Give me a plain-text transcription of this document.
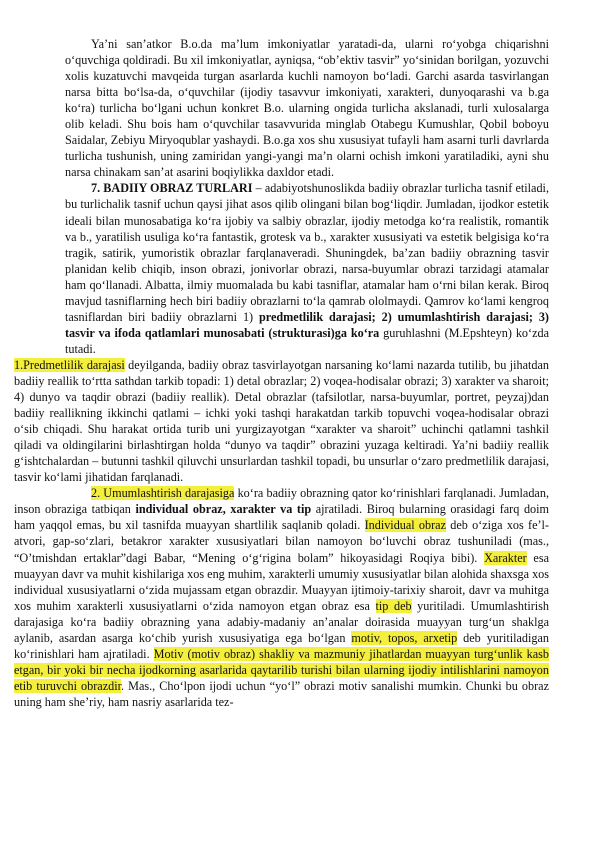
Ya’ni san’atkor B.o.da ma’lum imkoniyatlar yaratadi-da, ularni ro‘yobga chiqarishni o‘quvchiga qoldiradi. Bu xil imkoniyatlar, ayniqsa, “ob’ektiv tasvir” yo‘sinidan borilgan, yozuvchi xolis kuzatuvchi mavqeida turgan asarlarda kuchli namoyon bo‘ladi. Garchi asarda tasvirlangan narsa bitta bo‘lsa-da, o‘quvchilar (ijodiy tasavvur imkoniyati, xarakteri, dunyoqarashi va b.ga ko‘ra) turlicha bo‘lgani uchun konkret B.o. ularning ongida turlicha akslanadi, turli xulosalarga olib keladi. Shu bois ham o‘quvchilar tasavvurida minglab Otabegu Kumushlar, Qobil boboyu Saidalar, Zebiyu Miryoqublar yashaydi. B.o.ga xos shu xususiyat tufayli ham asarni turli davrlarda turlicha tushunish, uning zamiridan yangi-yangi ma’n olarni ochish imkoni yaratiladiki, ayni shu narsa chinakam san’at asarini boqiylikka daxldor etadi.

7. BADIIY OBRAZ TURLARI – adabiyotshunoslikda badiiy obrazlar turlicha tasnif etiladi, bu turlichalik tasnif uchun qaysi jihat asos qilib olingani bilan bog‘liqdir. Jumladan, ijodkor estetik ideali bilan munosabatiga ko‘ra ijobiy va salbiy obrazlar, ijodiy metodga ko‘ra realistik, romantik va b., yaratilish usuliga ko‘ra fantastik, grotesk va b., xarakter xususiyati va estetik belgisiga ko‘ra tragik, satirik, yumoristik obrazlar farqlanaveradi. Shuningdek, ba’zan badiiy obrazning tasvir planidan kelib chiqib, inson obrazi, jonivorlar obrazi, narsa-buyumlar obrazi tarzidagi atamalar ham qo‘llanadi. Albatta, ilmiy muomalada bu kabi tasniflar, atamalar ham o‘rni bilan kerak. Biroq mavjud tasniflarning hech biri badiiy obrazlarni to‘la qamrab ololmaydi. Qamrov ko‘lami kengroq tasniflardan biri badiiy obrazlarni 1) predmetlilik darajasi; 2) umumlashtirish darajasi; 3) tasvir va ifoda qatlamlari munosabati (strukturasi)ga ko‘ra guruhlashni (M.Epshteyn) ko‘zda tutadi.

1.Predmetlilik darajasi deyilganda, badiiy obraz tasvirlayotgan narsaning ko‘lami nazarda tutilib, bu jihatdan badiiy reallik to‘rtta sathdan tarkib topadi: 1) detal obrazlar; 2) voqea-hodisalar obrazi; 3) xarakter va sharoit; 4) dunyo va taqdir obrazi (badiiy reallik). Detal obrazlar (tafsilotlar, narsa-buyumlar, portret, peyzaj)dan badiiy reallikning ikkinchi qatlami – ichki yoki tashqi harakatdan tarkib topuvchi voqea-hodisalar obrazi o‘sib chiqadi. Shu harakat ortida turib uni yurgizayotgan “xarakter va sharoit” uchinchi qatlamni tashkil qiladi va oldingilarini birlashtirgan holda “dunyo va taqdir” obrazini yuzaga keltiradi. Ya’ni badiiy reallik g‘ishtchalardan – butunni tashkil qiluvchi unsurlardan tashkil topadi, bu unsurlar o‘zaro predmetlilik darajasi, tasvir ko‘lami jihatidan farqlanadi.

2. Umumlashtirish darajasiga ko‘ra badiiy obrazning qator ko‘rinishlari farqlanadi. Jumladan, inson obraziga tatbiqan individual obraz, xarakter va tip ajratiladi. Biroq bularning orasidagi farq doim ham yaqqol emas, bu xil tasnifda muayyan shartlilik saqlanib qoladi. Individual obraz deb o‘ziga xos fe’l-atvori, gap-so‘zlari, betakror xarakter xususiyatlari bilan namoyon bo‘luvchi obraz tushuniladi (mas., “O’tmishdan ertaklar”dagi Babar, “Mening o‘g‘rigina bolam” hikoyasidagi Roqiya bibi). Xarakter esa muayyan davr va muhit kishilariga xos eng muhim, xarakterli umumiy xususiyatlar bilan alohida shaxsga xos individual xususiyatlarni o‘zida mujassam etgan obrazdir. Muayyan ijtimoiy-tarixiy sharoit, davr va muhitga xos muhim xarakterli xususiyatlarni o‘zida namoyon etgan obraz esa tip deb yuritiladi. Umumlashtirish darajasiga ko‘ra badiiy obrazning yana adabiy-madaniy an’analar doirasida muayyan turg‘un shaklga aylanib, asardan asarga ko‘chib yurish xususiyatiga ega bo‘lgan motiv, topos, arxetip deb yuritiladigan ko‘rinishlari ham ajratiladi. Motiv (motiv obraz) shakliy va mazmuniy jihatlardan muayyan turg‘unlik kasb etgan, bir yoki bir necha ijodkorning asarlarida qaytarilib turishi bilan ularning ijodiy intilishlarini namoyon etib turuvchi obrazdir. Mas., Cho‘lpon ijodi uchun “yo‘l” obrazi motiv sanalishi mumkin. Chunki bu obraz uning ham she’riy, ham nasriy asarlarida tez-
